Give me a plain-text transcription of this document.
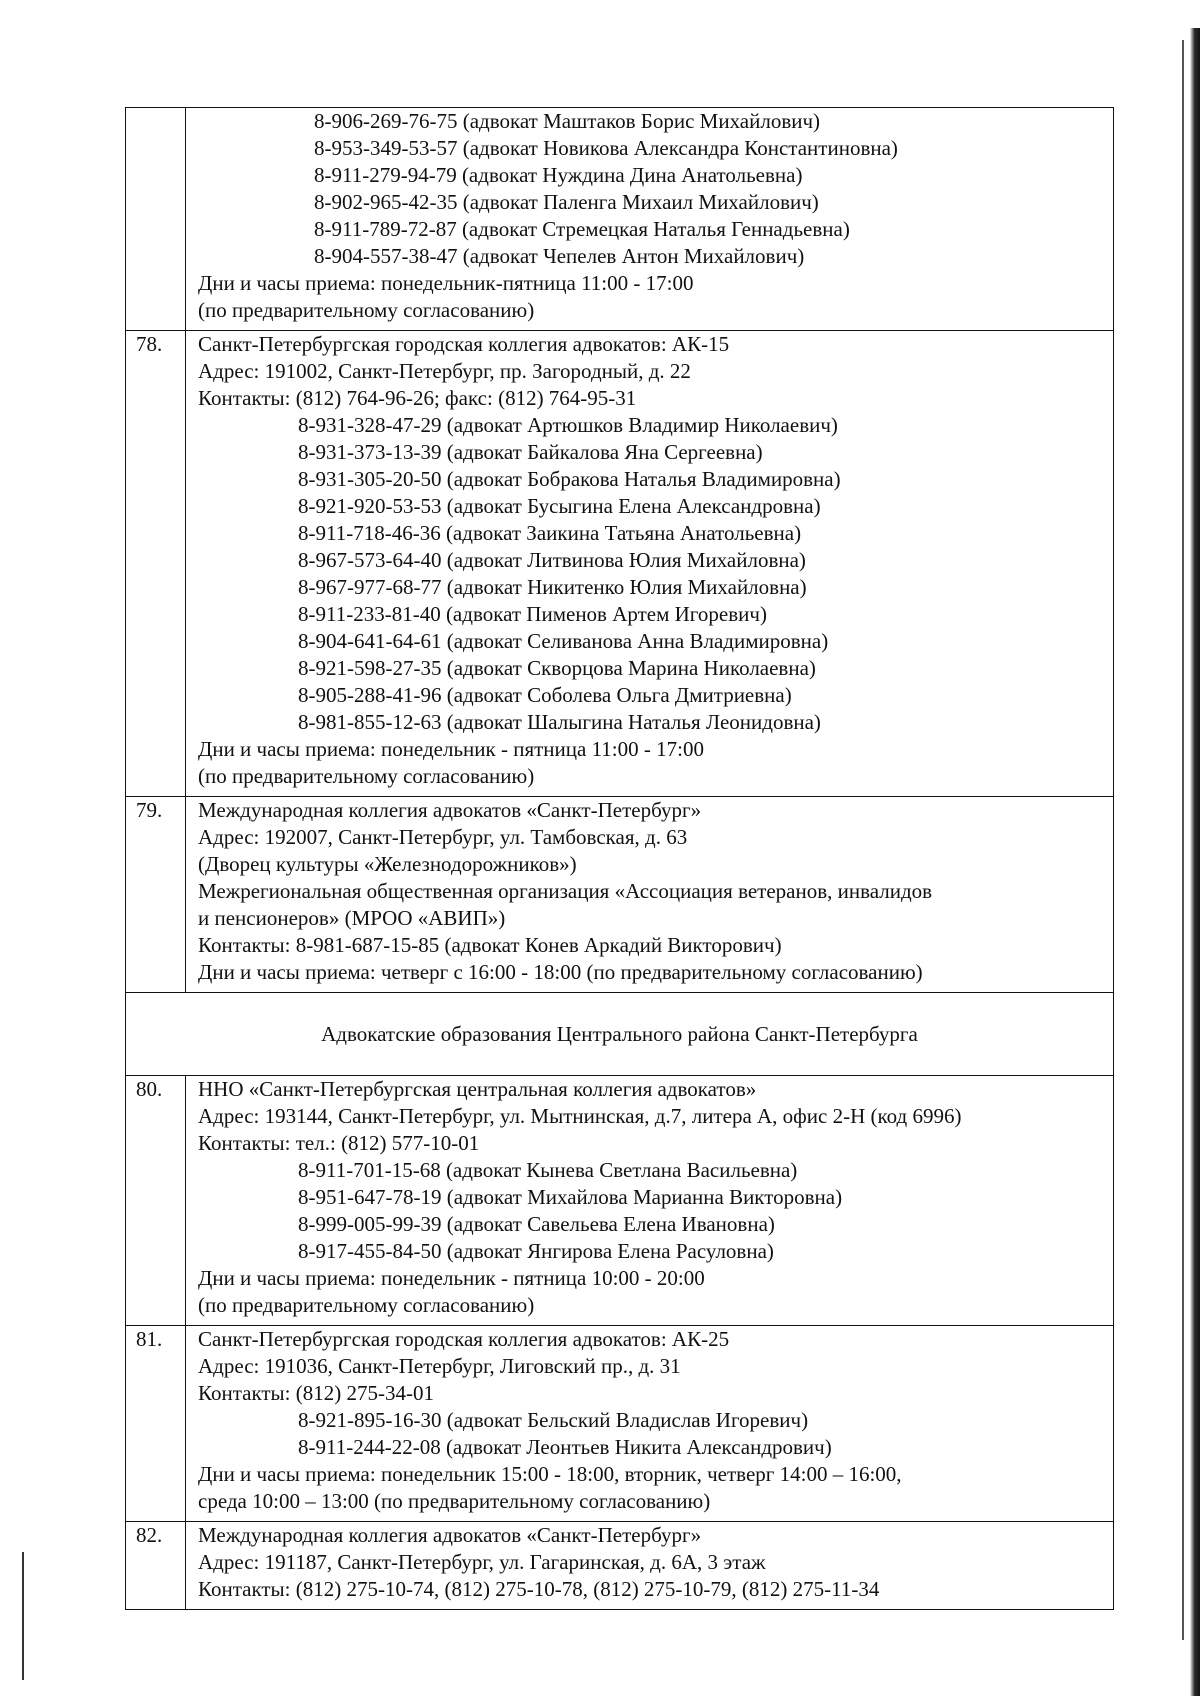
8-906-269-76-75 (адвокат Маштаков Борис Михайлович)
8-953-349-53-57 (адвокат Новикова Александра Константиновна)
8-911-279-94-79 (адвокат Нуждина Дина Анатольевна)
8-902-965-42-35 (адвокат Паленга Михаил Михайлович)
8-911-789-72-87 (адвокат Стремецкая Наталья Геннадьевна)
8-904-557-38-47 (адвокат Чепелев Антон Михайлович)
Дни и часы приема: понедельник-пятница 11:00 - 17:00
(по предварительному согласованию)
78.	Санкт-Петербургская городская коллегия адвокатов: АК-15
Адрес: 191002, Санкт-Петербург, пр. Загородный, д. 22
Контакты: (812) 764-96-26; факс: (812) 764-95-31
8-931-328-47-29 (адвокат Артюшков Владимир Николаевич)
8-931-373-13-39 (адвокат Байкалова Яна Сергеевна)
8-931-305-20-50 (адвокат Бобракова Наталья Владимировна)
8-921-920-53-53 (адвокат Бусыгина Елена Александровна)
8-911-718-46-36 (адвокат Заикина Татьяна Анатольевна)
8-967-573-64-40 (адвокат Литвинова Юлия Михайловна)
8-967-977-68-77 (адвокат Никитенко Юлия Михайловна)
8-911-233-81-40 (адвокат Пименов Артем Игоревич)
8-904-641-64-61 (адвокат Селиванова Анна Владимировна)
8-921-598-27-35 (адвокат Скворцова Марина Николаевна)
8-905-288-41-96 (адвокат Соболева Ольга Дмитриевна)
8-981-855-12-63 (адвокат Шалыгина Наталья Леонидовна)
Дни и часы приема: понедельник - пятница 11:00 - 17:00
(по предварительному согласованию)
79.	Международная коллегия адвокатов «Санкт-Петербург»
Адрес: 192007, Санкт-Петербург, ул. Тамбовская, д. 63
(Дворец культуры «Железнодорожников»)
Межрегиональная общественная организация «Ассоциация ветеранов, инвалидов
и пенсионеров» (МРОО «АВИП»)
Контакты: 8-981-687-15-85 (адвокат Конев Аркадий Викторович)
Дни и часы приема: четверг с 16:00 - 18:00 (по предварительному согласованию)
Адвокатские образования Центрального района Санкт-Петербурга
80.	ННО «Санкт-Петербургская центральная коллегия адвокатов»
Адрес: 193144, Санкт-Петербург, ул. Мытнинская, д.7, литера А, офис 2-Н (код 6996)
Контакты: тел.: (812) 577-10-01
8-911-701-15-68 (адвокат Кынева Светлана Васильевна)
8-951-647-78-19 (адвокат Михайлова Марианна Викторовна)
8-999-005-99-39 (адвокат Савельева Елена Ивановна)
8-917-455-84-50 (адвокат Янгирова Елена Расуловна)
Дни и часы приема: понедельник - пятница 10:00 - 20:00
(по предварительному согласованию)
81.	Санкт-Петербургская городская коллегия адвокатов: АК-25
Адрес: 191036, Санкт-Петербург, Лиговский пр., д. 31
Контакты: (812) 275-34-01
8-921-895-16-30 (адвокат Бельский Владислав Игоревич)
8-911-244-22-08 (адвокат Леонтьев Никита Александрович)
Дни и часы приема: понедельник 15:00 - 18:00, вторник, четверг 14:00 – 16:00,
среда 10:00 – 13:00 (по предварительному согласованию)
82.	Международная коллегия адвокатов «Санкт-Петербург»
Адрес: 191187, Санкт-Петербург, ул. Гагаринская, д. 6А, 3 этаж
Контакты: (812) 275-10-74, (812) 275-10-78, (812) 275-10-79, (812) 275-11-34
